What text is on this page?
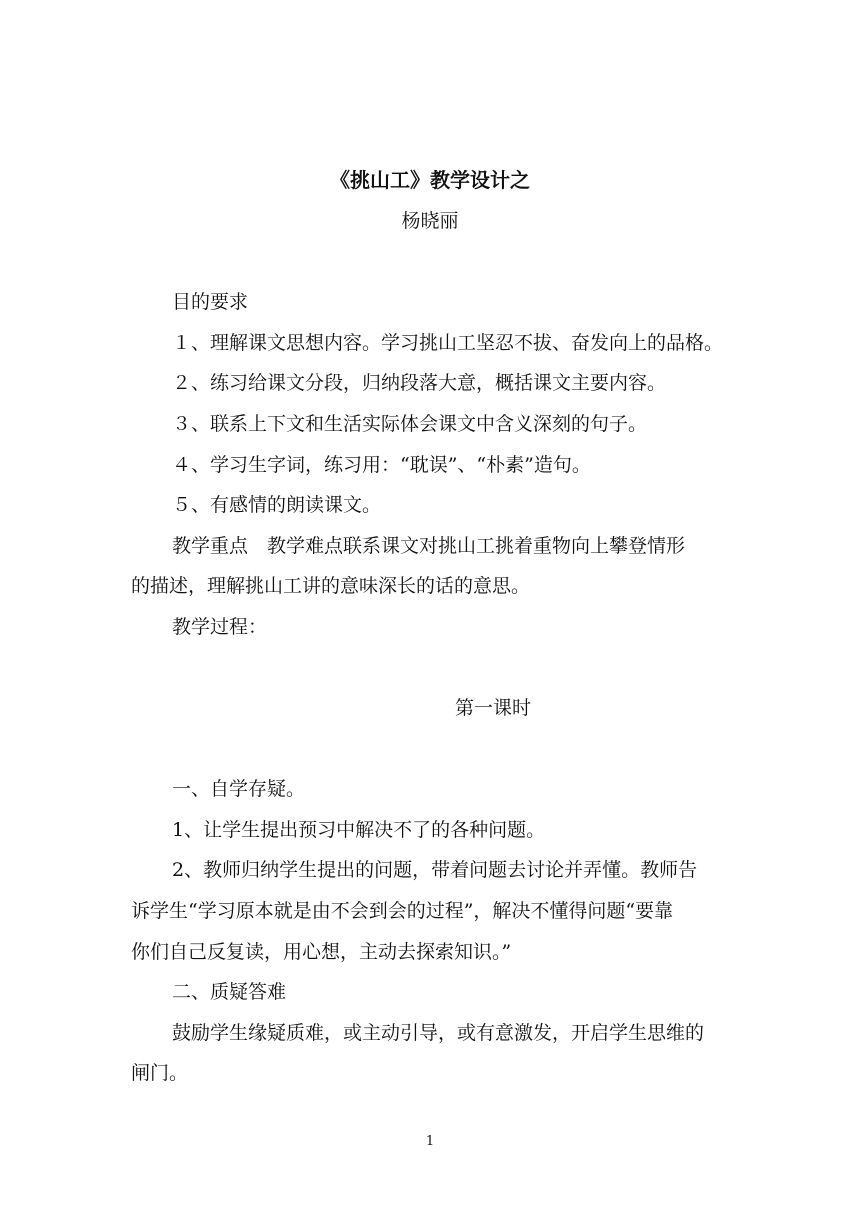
《挑山工》教学设计之
杨晓丽
目的要求
１、理解课文思想内容。学习挑山工坚忍不拔、奋发向上的品格。
２、练习给课文分段，归纳段落大意，概括课文主要内容。
３、联系上下文和生活实际体会课文中含义深刻的句子。
４、学习生字词，练习用：“耽误”、“朴素”造句。
５、有感情的朗读课文。
教学重点　教学难点联系课文对挑山工挑着重物向上攀登情形
的描述，理解挑山工讲的意味深长的话的意思。
教学过程：
第一课时
一、自学存疑。
1、让学生提出预习中解决不了的各种问题。
2、教师归纳学生提出的问题，带着问题去讨论并弄懂。教师告
诉学生“学习原本就是由不会到会的过程”，解决不懂得问题“要靠
你们自己反复读，用心想，主动去探索知识。”
二、质疑答难
鼓励学生缘疑质难，或主动引导，或有意激发，开启学生思维的
闸门。
1
